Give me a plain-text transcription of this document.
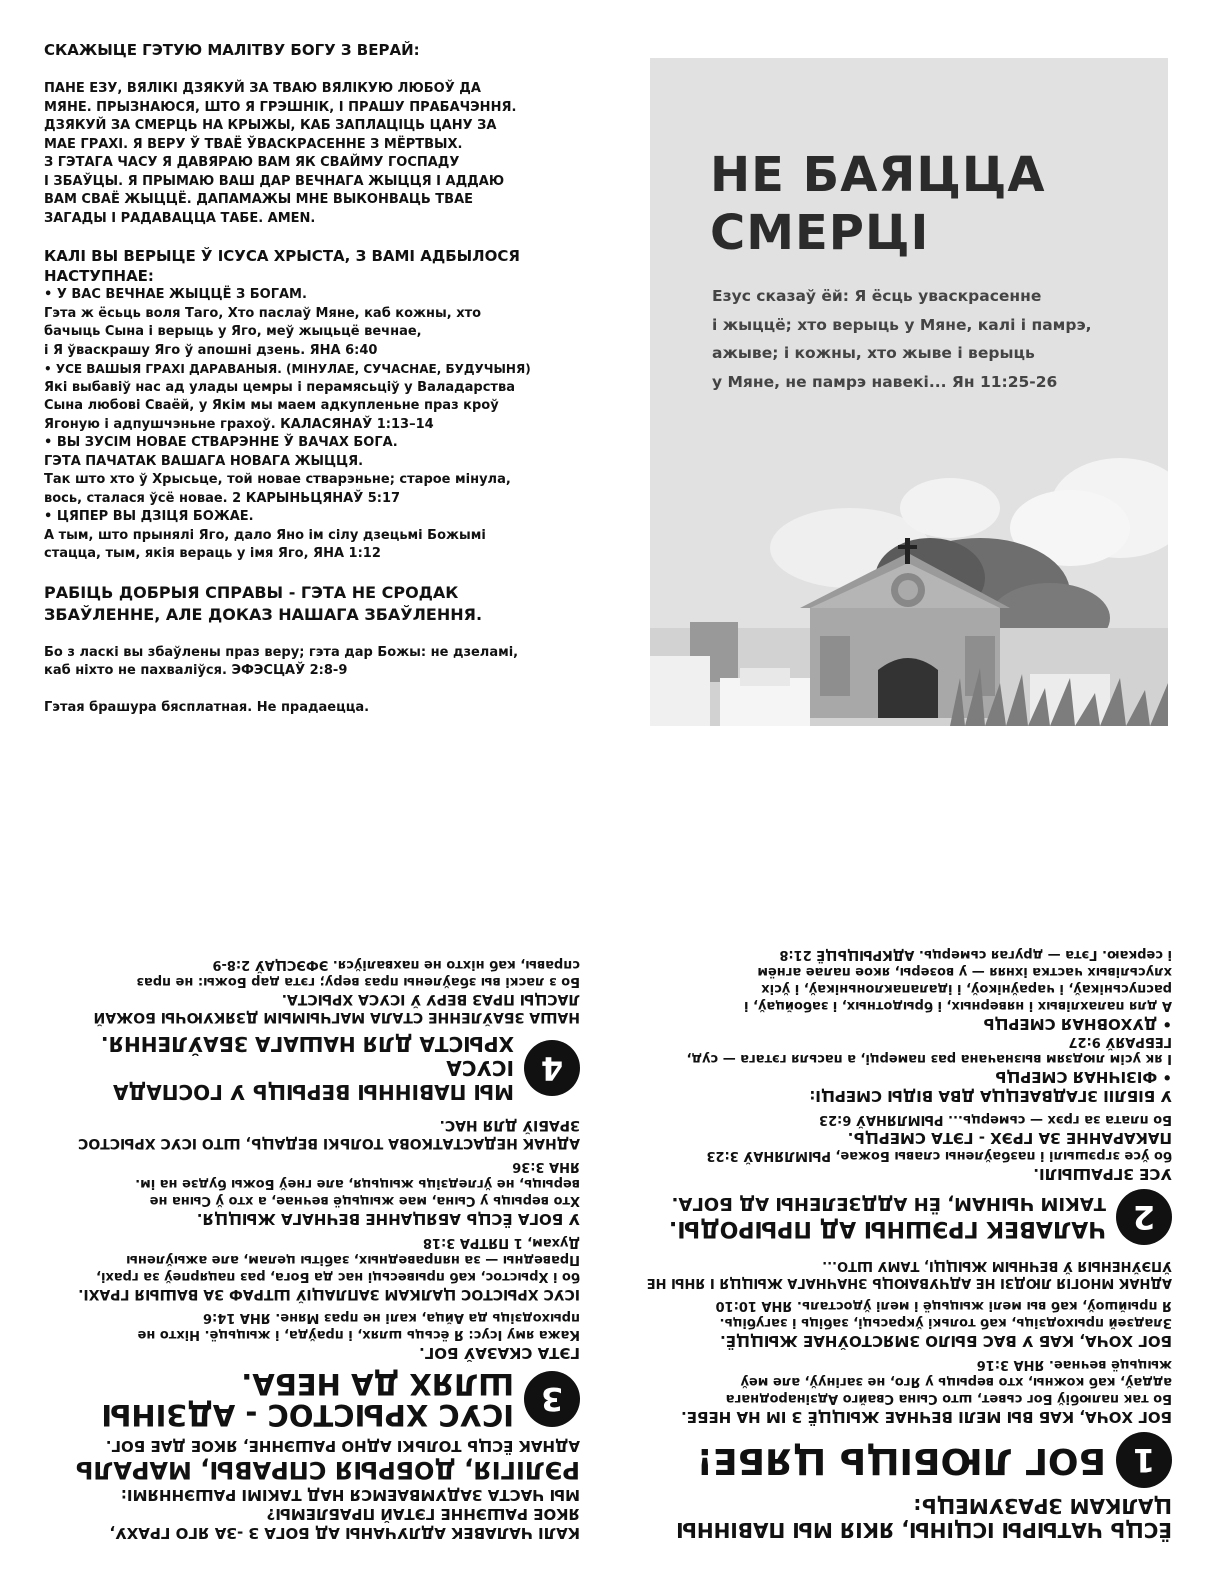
СКАЖЫЦЕ ГЭТУЮ МАЛІТВУ БОГУ З ВЕРАЙ:

ПАНЕ ЕЗУ, ВЯЛІКІ ДЗЯКУЙ ЗА ТВАЮ ВЯЛІКУЮ ЛЮБОЎ ДА

МЯНЕ. ПРЫЗНАЮСЯ, ШТО Я ГРЭШНІК, І ПРАШУ ПРАБАЧЭННЯ.

ДЗЯКУЙ ЗА СМЕРЦЬ НА КРЫЖЫ, КАБ ЗАПЛАЦІЦЬ ЦАНУ ЗА

МАЕ ГРАХІ. Я ВЕРУ Ў ТВАЁ ЎВАСКРАСЕННЕ З МЁРТВЫХ.

З ГЭТАГА ЧАСУ Я ДАВЯРАЮ ВАМ ЯК СВАЙМУ ГОСПАДУ

І ЗБАЎЦЫ. Я ПРЫМАЮ ВАШ ДАР ВЕЧНАГА ЖЫЦЦЯ І АДДАЮ

ВАМ СВАЁ ЖЫЦЦЁ. ДАПАМАЖЫ МНЕ ВЫКОНВАЦЬ ТВАЕ

ЗАГАДЫ І РАДАВАЦЦА ТАБЕ. AMEN.

КАЛІ ВЫ ВЕРЫЦЕ Ў ІСУСА ХРЫСТА, З ВАМІ АДБЫЛОСЯ

НАСТУПНАЕ:

• У ВАС ВЕЧНАЕ ЖЫЦЦЁ З БОГАМ.

Гэта ж ёсьць воля Таго, Хто паслаў Мяне, каб кожны, хто

бачыць Сына і верыць у Яго, меў жыцьцё вечнае,

і Я ўваскрашу Яго ў апошні дзень. ЯНА 6:40

• УСЕ ВАШЫЯ ГРАХІ ДАРАВАНЫЯ. (МІНУЛАЕ, СУЧАСНАЕ, БУДУЧЫНЯ)

Які выбавіў нас ад улады цемры і перамясьціў у Валадарства

Сына любові Сваёй, у Якім мы маем адкупленьне праз кроў

Ягоную і адпушчэньне грахоў. КАЛАСЯНАЎ 1:13–14

• ВЫ ЗУСІМ НОВАЕ СТВАРЭННЕ Ў ВАЧАХ БОГА.

ГЭТА ПАЧАТАК ВАШАГА НОВАГА ЖЫЦЦЯ.

Так што хто ў Хрысьце, той новае стварэньне; старое мінула,

вось, сталася ўсё новае. 2 КАРЫНЬЦЯНАЎ 5:17

• ЦЯПЕР ВЫ ДЗІЦЯ БОЖАЕ.

А тым, што прынялі Яго, дало Яно ім сілу дзецьмі Божымі

стацца, тым, якія вераць у імя Яго, ЯНА 1:12

РАБІЦЬ ДОБРЫЯ СПРАВЫ - ГЭТА НЕ СРОДАК

ЗБАЎЛЕННЕ, АЛЕ ДОКАЗ НАШАГА ЗБАЎЛЕННЯ.

Бо з ласкі вы збаўлены праз веру; гэта дар Божы: не дзеламі,

каб ніхто не пахваліўся. ЭФЭСЦАЎ 2:8-9

Гэтая брашура бясплатная. Не прадаецца.

НЕ БАЯЦЦА
СМЕРЦІ

Езус сказаў ёй: Я ёсць уваскрасенне

і жыццё; хто верыць у Мяне, калі і памрэ,

ажыве; і кожны, хто жыве і верыць

у Мяне, не памрэ навекі... Ян 11:25-26

ЁСЦЬ ЧАТЫРЫ ІСЦІНЫ, ЯКІЯ МЫ ПАВІННЫ

ЦАЛКАМ ЗРАЗУМЕЦЬ:

1
БОГ ЛЮБІЦЬ ЦЯБЕ!

БОГ ХОЧА, КАБ ВЫ МЕЛІ ВЕЧНАЕ ЖЫЦЦЁ З ІМ НА НЕБЕ.

Бо так палюбіў Бог сьвет, што Сына Свайго Адзінароднага

аддаў, каб кожны, хто верыць у Яго, не загінуў, але меў

жыцьцё вечнае. ЯНА 3:16

БОГ ХОЧА, КАБ У ВАС БЫЛО ЗМЯСТОЎНАЕ ЖЫЦЦЁ.

Зладзей прыходзіць, каб толькі ўкрасьці, забіць і загубіць.

Я прыйшоў, каб вы мелі жыцьцё і мелі ўдосталь. ЯНА 10:10

АДНАК МНОГІЯ ЛЮДЗІ НЕ АДЧУВАЮЦЬ ЗНАЧНАГА ЖЫЦЦЯ І ЯНЫ НЕ

ЎПЭЎНЕНЫЯ Ў ВЕЧНЫМ ЖЫЦЦІ, ТАМУ ШТО...

2
ЧАЛАВЕК ГРЭШНЫ АД ПРЫРОДЫ.
ТАКІМ ЧЫНАМ, ЁН АДДЗЕЛЕНЫ АД БОГА.

УСЕ ЗГРАШЫЛІ.

бо ўсе згрэшылі і пазбаўлены славы Божае, РЫМЛЯНАЎ 3:23

ПАКАРАННЕ ЗА ГРЭХ - ГЭТА СМЕРЦЬ.

Бо плата за грэх — сьмерць... РЫМЛЯНАЎ 6:23

У БІБЛІІ ЗГАДВАЕЦЦА ДВА ВІДЫ СМЕРЦІ:

• ФІЗІЧНАЯ СМЕРЦЬ

І як усім людзям вызначана раз памерці, а пасьля гэтага — суд,

ГЕБРАЯЎ 9:27

• ДУХОВНАЯ СМЕРЦЬ

А для палахлівых і няверных, і брыдотных, і забойцаў, і

распусьнікаў, і чараўнікоў, і ідалапаклоньнікаў, і ўсіх

хлусьлівых частка іхняя — у возеры, якое палае агнём

і серкаю. Гэта — другая сьмерць. АДКРЫЦЬЦЁ 21:8

КАЛІ ЧАЛАВЕК АДЛУЧАНЫ АД БОГА З -ЗА ЯГО ГРАХУ,

ЯКОЕ РАШЭННЕ ГЭТАЙ ПРАБЛЕМЫ?

МЫ ЧАСТА ЗАДУМВАЕМСЯ НАД ТАКІМІ РАШЭННЯМІ:

РЭЛІГІЯ, ДОБРЫЯ СПРАВЫ, МАРАЛЬ

АДНАК ЁСЦЬ ТОЛЬКІ АДНО РАШЭННЕ, ЯКОЕ ДАЕ БОГ.

3
ІСУС ХРЫСТОС - АДЗІНЫ
ШЛЯХ ДА НЕБА.

ГЭТА СКАЗАЎ БОГ.

Кажа яму Ісус: Я ёсьць шлях, і праўда, і жыцьцё. Ніхто не

прыходзіць да Айца, калі не праз Мяне. ЯНА 14:6

ІСУС ХРЫСТОС ЦАЛКАМ ЗАПЛАЦІЎ ШТРАФ ЗА ВАШЫЯ ГРАХІ.

бо і Хрыстос, каб прывесьці нас да Бога, раз пацярпеў за грахі,

Праведны — за няправедных, забіты целам, але ажыўлены

Духам, 1 ПЯТРА 3:18

У БОГА ЁСЦЬ АБЯЦАННЕ ВЕЧНАГА ЖЫЦЦЯ.

Хто верыць у Сына, мае жыцьцё вечнае, а хто ў Сына не

верыць, не ўгледзіць жыцьця, але гнеў Божы будзе на ім.

ЯНА 3:36

АДНАК НЕДАСТАТКОВА ТОЛЬКІ ВЕДАЦЬ, ШТО ІСУС ХРЫСТОС

ЗРАБІЎ ДЛЯ НАС.

4
МЫ ПАВІННЫ ВЕРЫЦЬ У ГОСПАДА ІСУСА
ХРЫСТА ДЛЯ НАШАГА ЗБАЎЛЕННЯ.

НАША ЗБАЎЛЕННЕ СТАЛА МАГЧЫМЫМ ДЗЯКУЮЧЫ БОЖАЙ

ЛАСЦЫ ПРАЗ ВЕРУ Ў ІСУСА ХРЫСТА.

Бо з ласкі вы збаўлены праз веру; гэта дар Божы: не праз

справы, каб ніхто не пахваліўся. ЭФЭСЦАЎ 2:8-9
